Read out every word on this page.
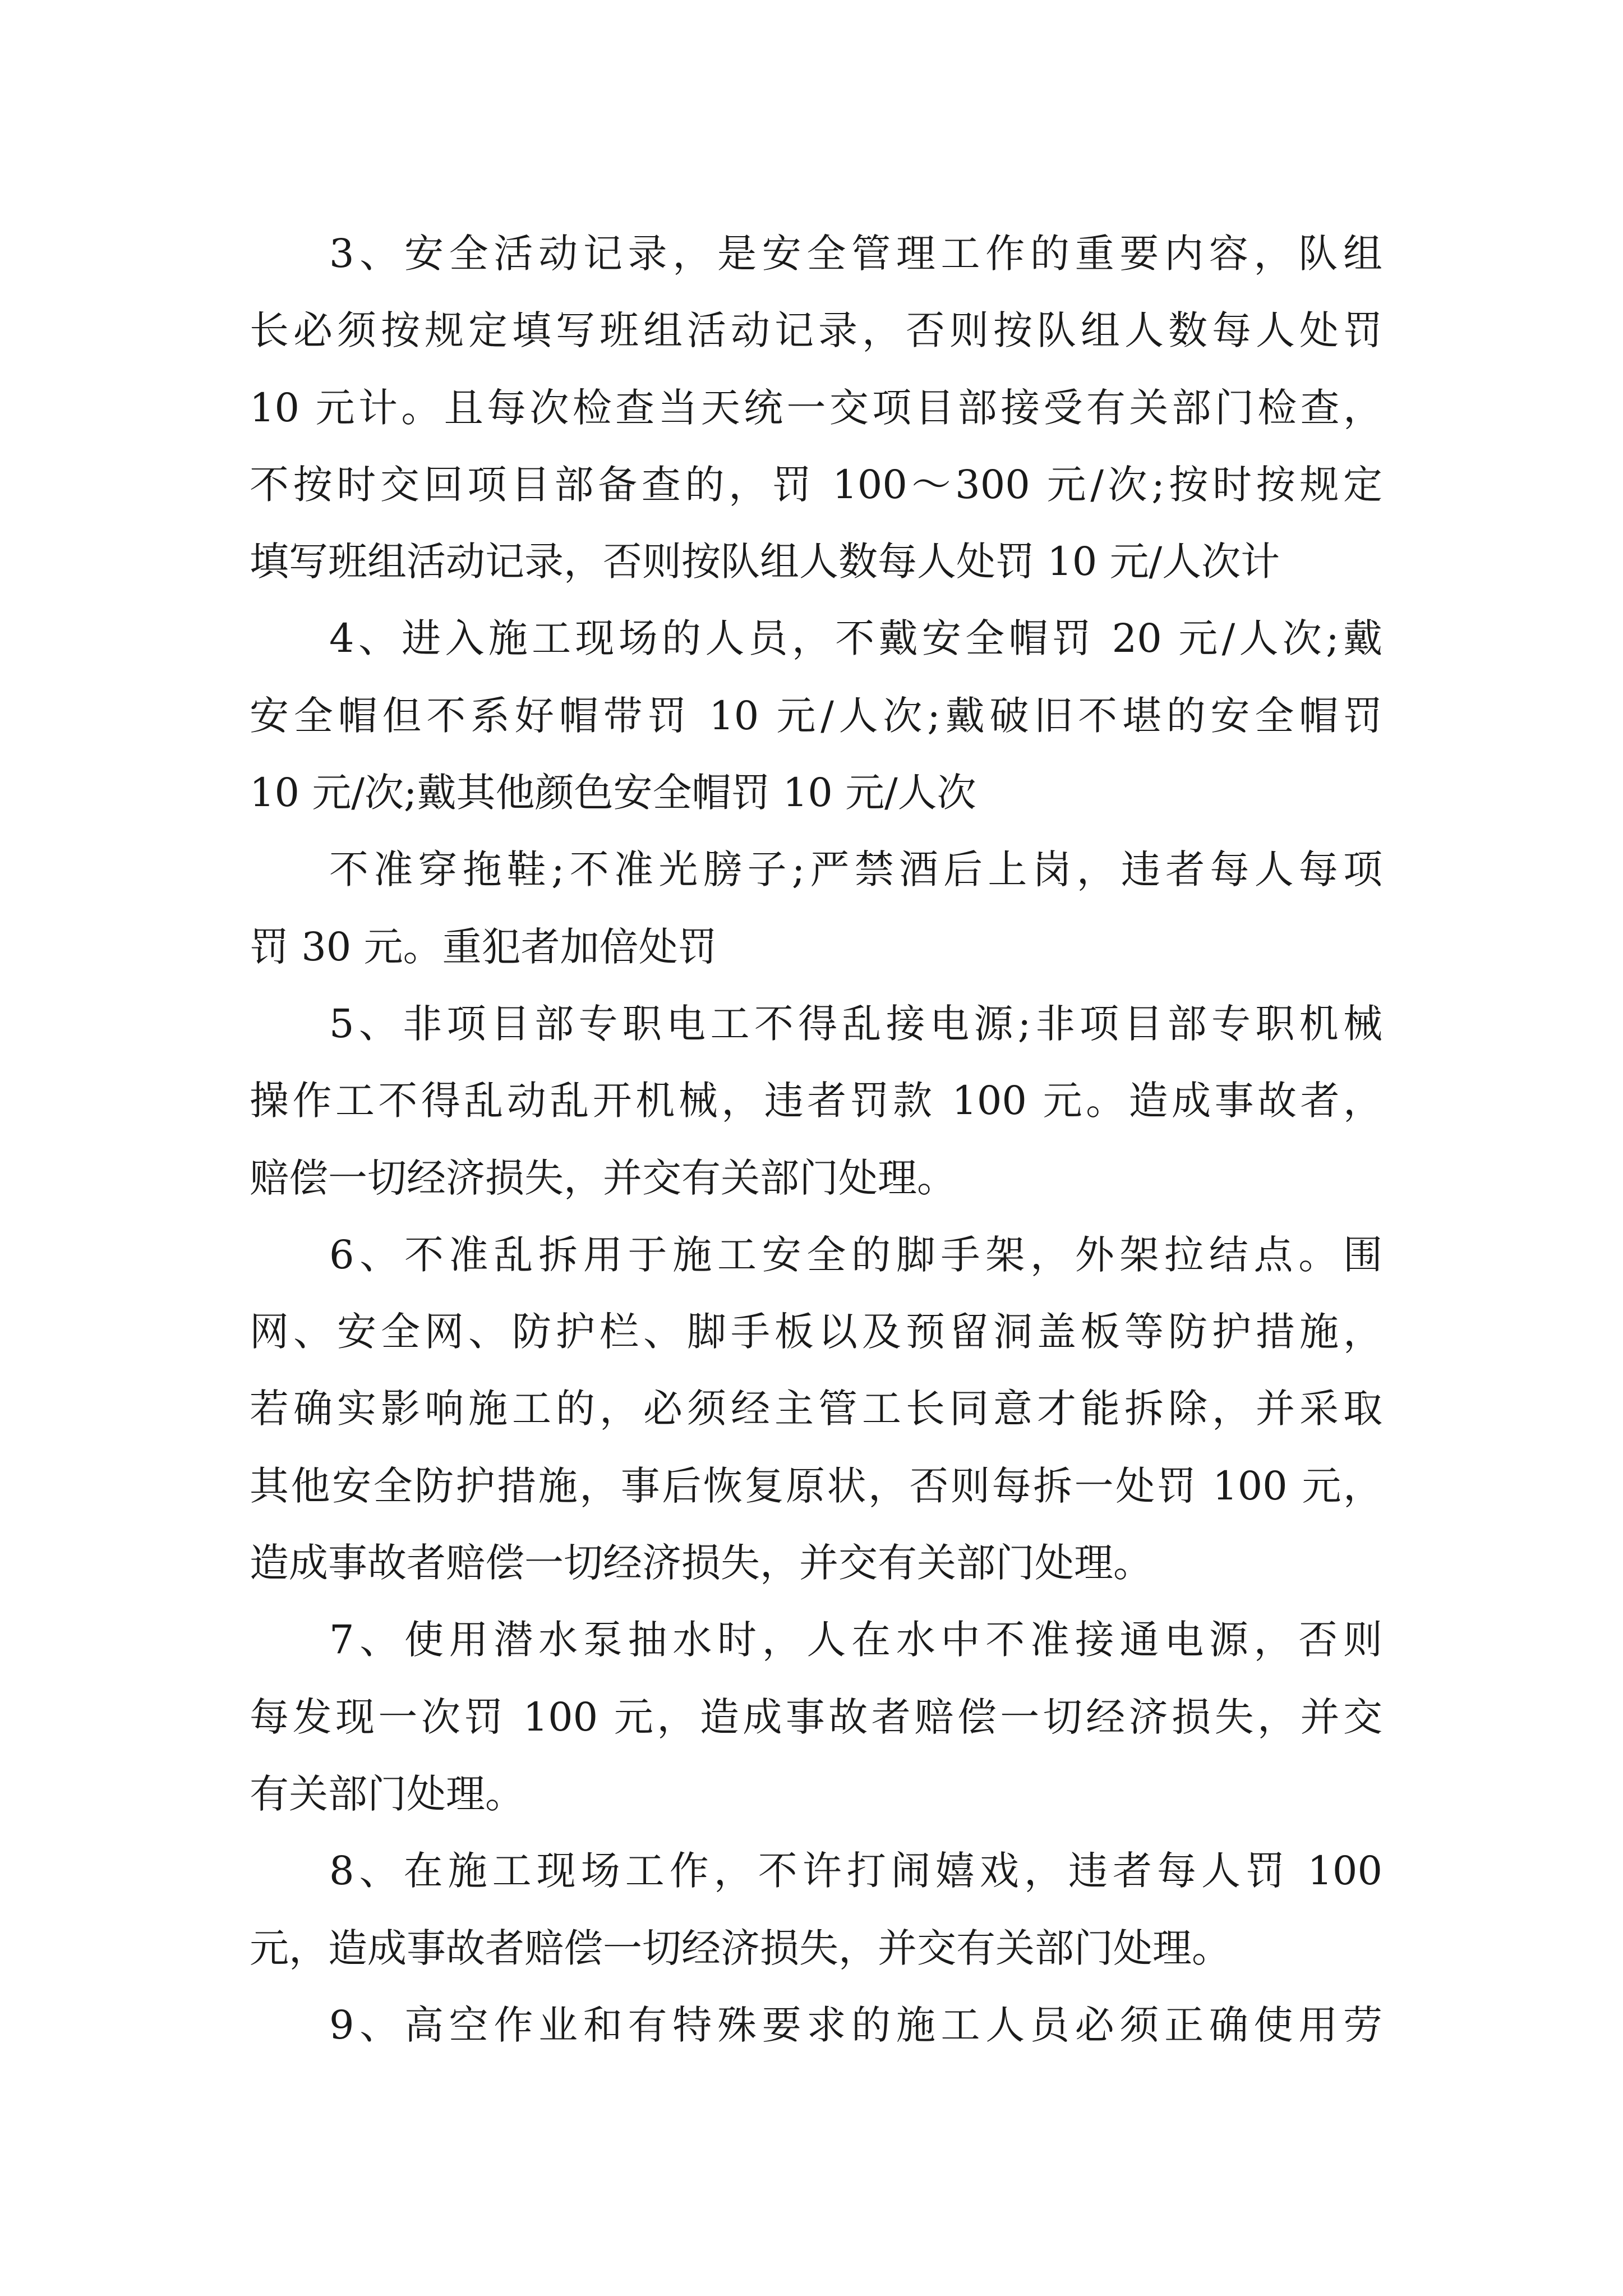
3、安全活动记录，是安全管理工作的重要内容，队组
长必须按规定填写班组活动记录，否则按队组人数每人处罚
10 元计。且每次检查当天统一交项目部接受有关部门检查，
不按时交回项目部备查的，罚 100～300 元/次;按时按规定
填写班组活动记录，否则按队组人数每人处罚 10 元/人次计
4、进入施工现场的人员，不戴安全帽罚 20 元/人次;戴
安全帽但不系好帽带罚 10 元/人次;戴破旧不堪的安全帽罚
10 元/次;戴其他颜色安全帽罚 10 元/人次
不准穿拖鞋;不准光膀子;严禁酒后上岗，违者每人每项
罚 30 元。重犯者加倍处罚
5、非项目部专职电工不得乱接电源;非项目部专职机械
操作工不得乱动乱开机械，违者罚款 100 元。造成事故者，
赔偿一切经济损失，并交有关部门处理。
6、不准乱拆用于施工安全的脚手架，外架拉结点。围
网、安全网、防护栏、脚手板以及预留洞盖板等防护措施，
若确实影响施工的，必须经主管工长同意才能拆除，并采取
其他安全防护措施，事后恢复原状，否则每拆一处罚 100 元，
造成事故者赔偿一切经济损失，并交有关部门处理。
7、使用潜水泵抽水时，人在水中不准接通电源，否则
每发现一次罚 100 元，造成事故者赔偿一切经济损失，并交
有关部门处理。
8、在施工现场工作，不许打闹嬉戏，违者每人罚 100
元，造成事故者赔偿一切经济损失，并交有关部门处理。
9、高空作业和有特殊要求的施工人员必须正确使用劳
